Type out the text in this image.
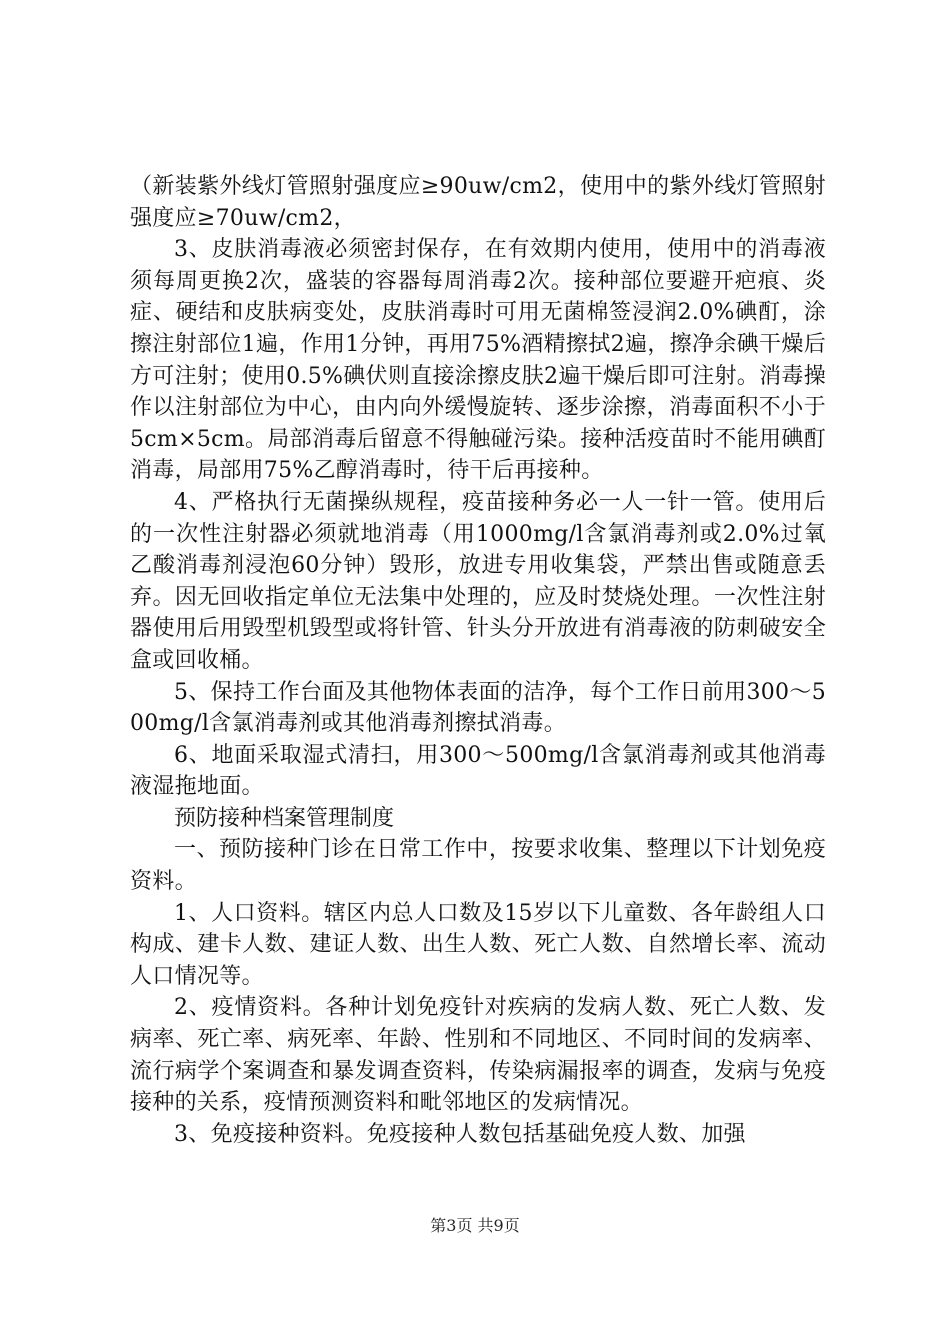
（新装紫外线灯管照射强度应≥90uw/cm2，使用中的紫外线灯管照射强度应≥70uw/cm2，

3、皮肤消毒液必须密封保存，在有效期内使用，使用中的消毒液须每周更换2次，盛装的容器每周消毒2次。接种部位要避开疤痕、炎症、硬结和皮肤病变处，皮肤消毒时可用无菌棉签浸润2.0%碘酊，涂擦注射部位1遍，作用1分钟，再用75%酒精擦拭2遍，擦净余碘干燥后方可注射；使用0.5%碘伏则直接涂擦皮肤2遍干燥后即可注射。消毒操作以注射部位为中心，由内向外缓慢旋转、逐步涂擦，消毒面积不小于5cm×5cm。局部消毒后留意不得触碰污染。接种活疫苗时不能用碘酊消毒，局部用75%乙醇消毒时，待干后再接种。

4、严格执行无菌操纵规程，疫苗接种务必一人一针一管。使用后的一次性注射器必须就地消毒（用1000mg/l含氯消毒剂或2.0%过氧乙酸消毒剂浸泡60分钟）毁形，放进专用收集袋，严禁出售或随意丢弃。因无回收指定单位无法集中处理的，应及时焚烧处理。一次性注射器使用后用毁型机毁型或将针管、针头分开放进有消毒液的防刺破安全盒或回收桶。

5、保持工作台面及其他物体表面的洁净，每个工作日前用300～500mg/l含氯消毒剂或其他消毒剂擦拭消毒。

6、地面采取湿式清扫，用300～500mg/l含氯消毒剂或其他消毒液湿拖地面。

预防接种档案管理制度

一、预防接种门诊在日常工作中，按要求收集、整理以下计划免疫资料。

1、人口资料。辖区内总人口数及15岁以下儿童数、各年龄组人口构成、建卡人数、建证人数、出生人数、死亡人数、自然增长率、流动人口情况等。

2、疫情资料。各种计划免疫针对疾病的发病人数、死亡人数、发病率、死亡率、病死率、年龄、性别和不同地区、不同时间的发病率、流行病学个案调查和暴发调查资料，传染病漏报率的调查，发病与免疫接种的关系，疫情预测资料和毗邻地区的发病情况。

3、免疫接种资料。免疫接种人数包括基础免疫人数、加强

第3页 共9页
